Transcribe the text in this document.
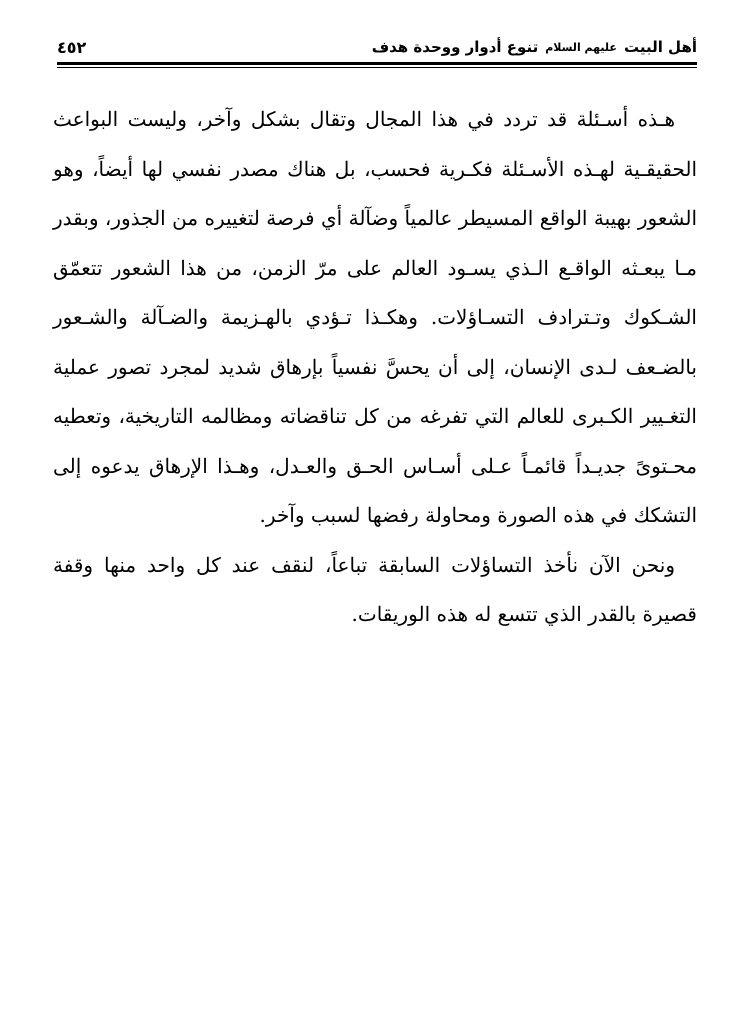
أهل البيت
عليهم السلام
تنوع أدوار ووحدة هدف
٤٥٢

هـذه أسـئلة قد تردد في هذا المجال وتقال بشكل وآخر، وليست البواعث الحقيقـية لهـذه الأسـئلة فكـرية فحسب، بل هناك مصدر نفسي لها أيضاً، وهو الشعور بهيبة الواقع المسيطر عالمياً وضآلة أي فرصة لتغييره من الجذور، وبقدر مـا يبعـثه الواقـع الـذي يسـود العالم على مرّ الزمن، من هذا الشعور تتعمّق الشـكوك وتـترادف التسـاؤلات. وهكـذا تـؤدي بالهـزيمة والضـآلة والشـعور بالضـعف لـدى الإنسان، إلى أن يحسَّ نفسياً بإرهاق شديد لمجرد تصور عملية التغـيير الكـبرى للعالم التي تفرغه من كل تناقضاته ومظالمه التاريخية، وتعطيه محـتوىً جديـداً قائمـاً عـلى أسـاس الحـق والعـدل، وهـذا الإرهاق يدعوه إلى التشكك في هذه الصورة ومحاولة رفضها لسبب وآخر.

ونحن الآن نأخذ التساؤلات السابقة تباعاً، لنقف عند كل واحد منها وقفة قصيرة بالقدر الذي تتسع له هذه الوريقات.
